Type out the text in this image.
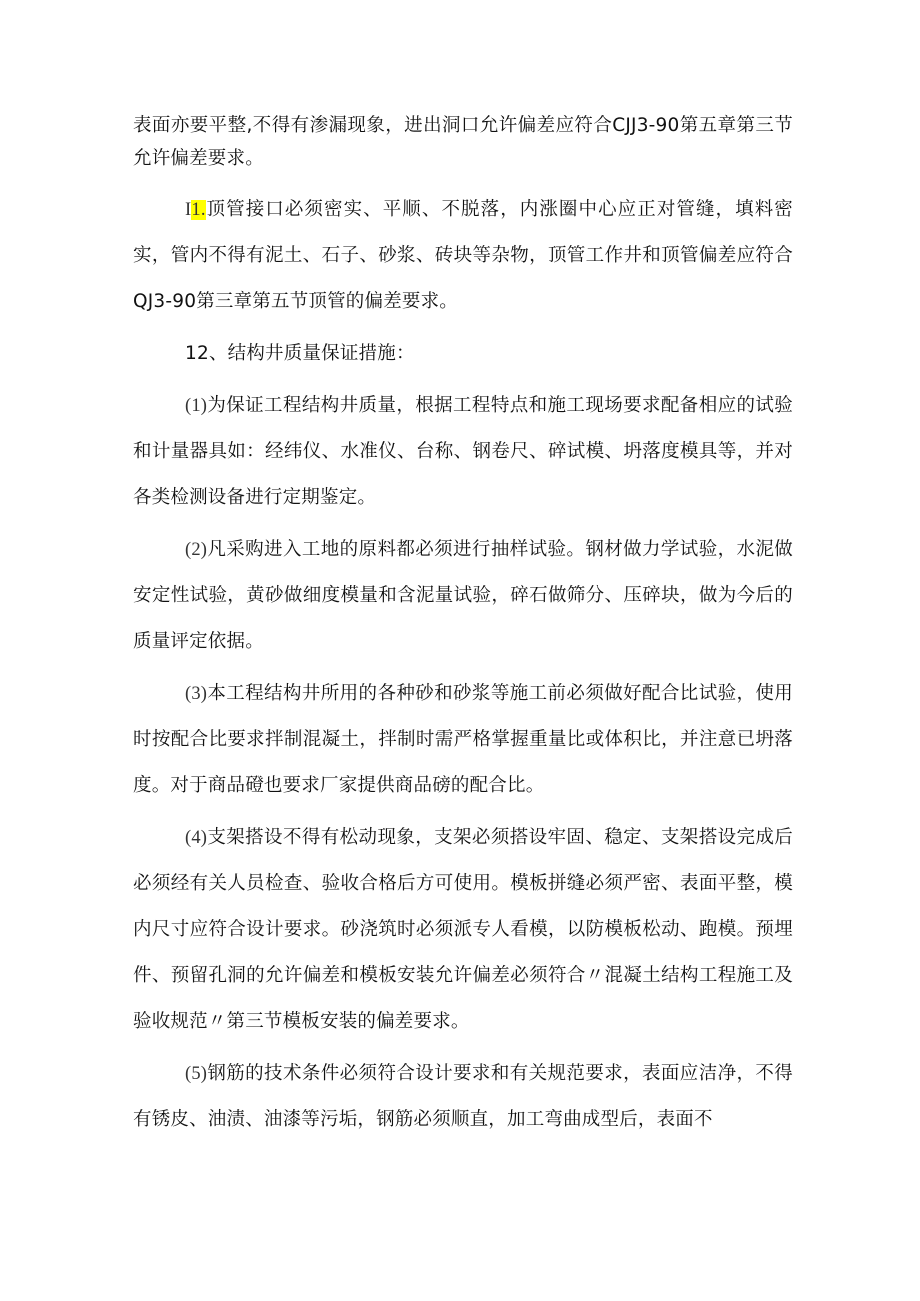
表面亦要平整,不得有渗漏现象，进出洞口允许偏差应符合CJJ3-90第五章第三节允许偏差要求。

I1.顶管接口必须密实、平顺、不脱落，内涨圈中心应正对管缝，填料密实，管内不得有泥土、石子、砂浆、砖块等杂物，顶管工作井和顶管偏差应符合QJ3-90第三章第五节顶管的偏差要求。

12、结构井质量保证措施：

(1)为保证工程结构井质量，根据工程特点和施工现场要求配备相应的试验和计量器具如：经纬仪、水准仪、台称、钢卷尺、碎试模、坍落度模具等，并对各类检测设备进行定期鉴定。

(2)凡采购进入工地的原料都必须进行抽样试验。钢材做力学试验，水泥做安定性试验，黄砂做细度模量和含泥量试验，碎石做筛分、压碎块，做为今后的质量评定依据。

(3)本工程结构井所用的各种砂和砂浆等施工前必须做好配合比试验，使用时按配合比要求拌制混凝土，拌制时需严格掌握重量比或体积比，并注意已坍落度。对于商品磴也要求厂家提供商品磅的配合比。

(4)支架搭设不得有松动现象，支架必须搭设牢固、稳定、支架搭设完成后必须经有关人员检查、验收合格后方可使用。模板拼缝必须严密、表面平整，模内尺寸应符合设计要求。砂浇筑时必须派专人看模，以防模板松动、跑模。预埋件、预留孔洞的允许偏差和模板安装允许偏差必须符合〃混凝土结构工程施工及验收规范〃第三节模板安装的偏差要求。

(5)钢筋的技术条件必须符合设计要求和有关规范要求，表面应洁净，不得有锈皮、油渍、油漆等污垢，钢筋必须顺直，加工弯曲成型后，表面不
